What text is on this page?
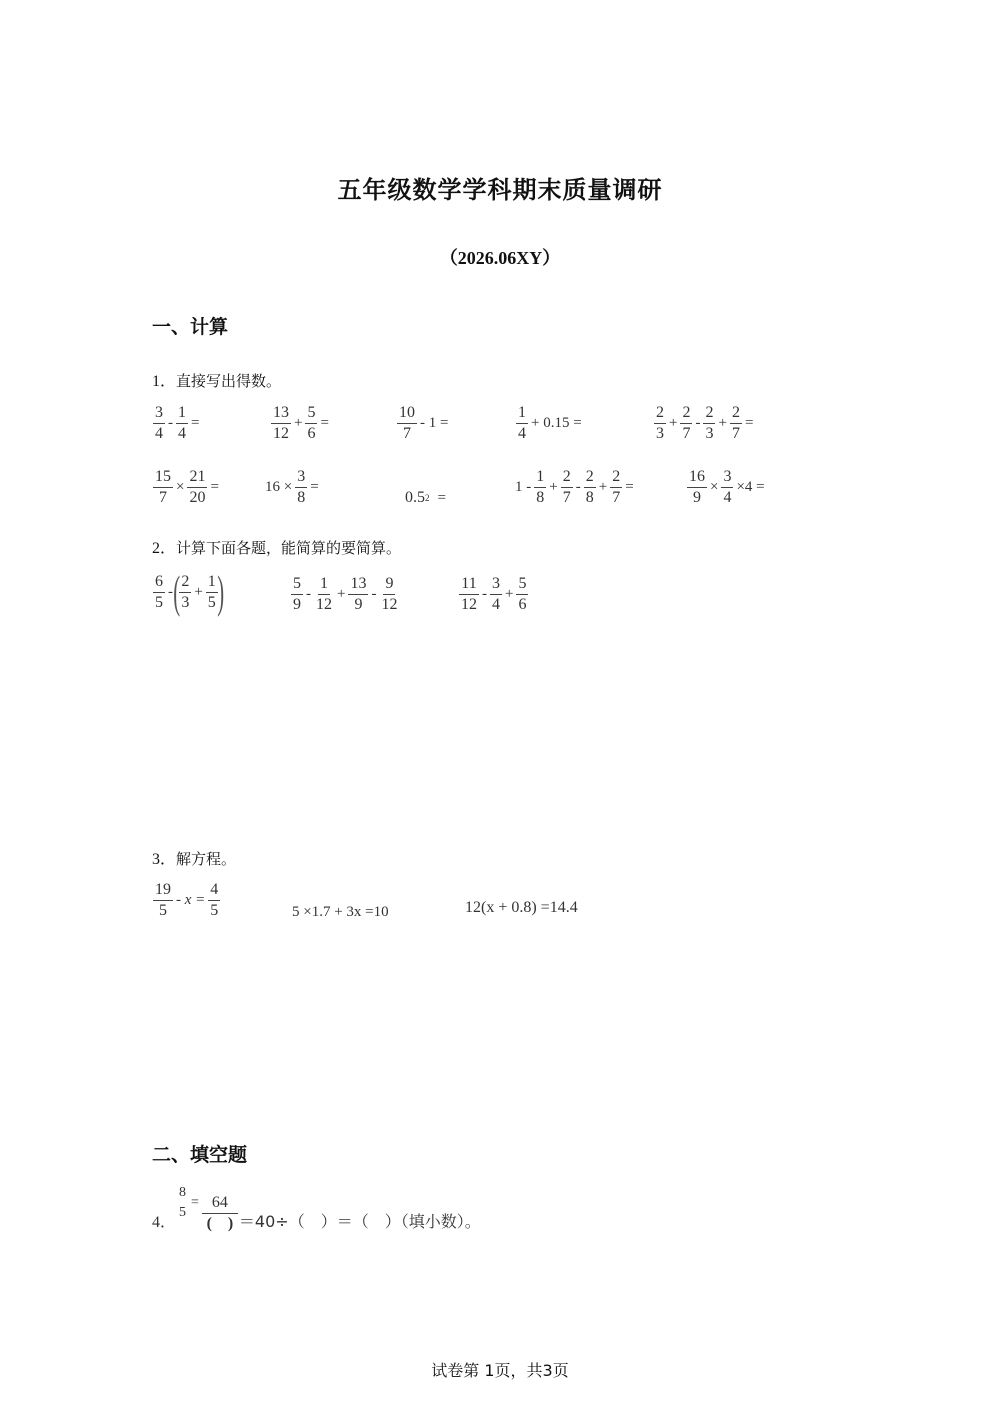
五年级数学学科期末质量调研
（2026.06XY）
一、计算
1．直接写出得数。
$\frac{3}{4} - \frac{1}{4}$ =	$\frac{13}{12} + \frac{5}{6}$ =	$\frac{10}{7} - 1$ =	$\frac{1}{4} + 0.15$ =	$\frac{2}{3} + \frac{2}{7} - \frac{2}{3} + \frac{2}{7}$ =
$\frac{15}{7} \times \frac{21}{20}$ =	$16 \times \frac{3}{8}$ =
0.5 2 =
$1 - \frac{1}{8} + \frac{2}{7} - \frac{2}{8} + \frac{2}{7}$ =	$\frac{16}{9} \times \frac{3}{4} \times 4$ =
2．计算下面各题，能简算的要简算。
$\frac{6}{5}$ - ( $\frac{2}{3} + \frac{1}{5}$ )	$\frac{5}{9} - \frac{1}{12} + \frac{13}{9} - \frac{9}{12}$	$\frac{11}{12} - \frac{3}{4} + \frac{5}{6}$
3．解方程。
$\frac{19}{5} - x = \frac{4}{5}$	5 ×1.7 + 3x =10	12(x + 0.8) =14.4
二、填空题
4．
8
5
= $\frac{64}{( )} =40\div$（　）＝（　）（填小数）。
试卷第 1页，共3页
